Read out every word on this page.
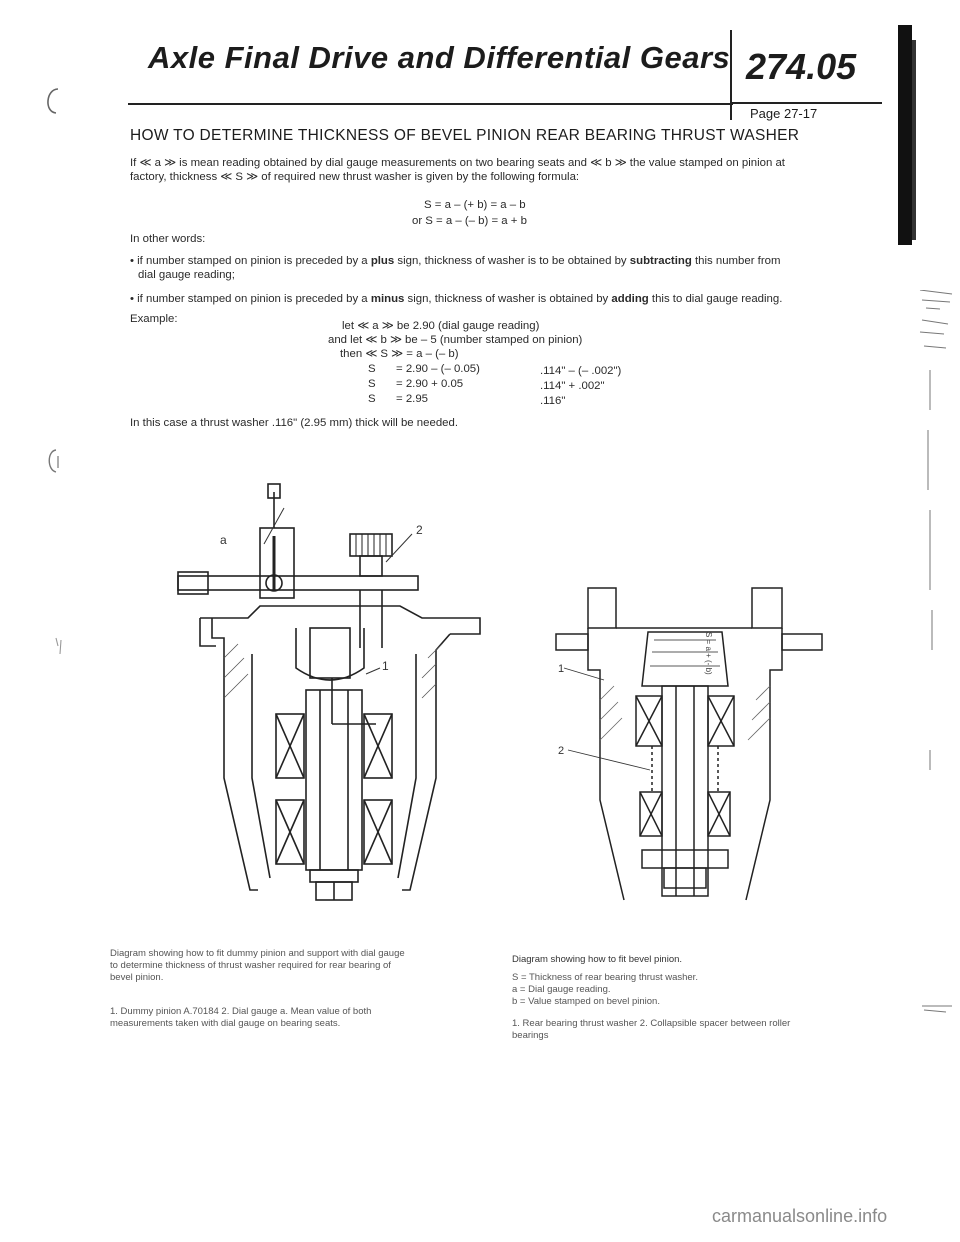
Axle Final Drive and Differential Gears 274.05
Page 27-17
HOW TO DETERMINE THICKNESS OF BEVEL PINION REAR BEARING THRUST WASHER
If ≪ a ≫ is mean reading obtained by dial gauge measurements on two bearing seats and ≪ b ≫ the value stamped on pinion at
factory, thickness ≪ S ≫ of required new thrust washer is given by the following formula:
S = a – (+ b) = a – b
or S = a – (– b) = a + b
In other words:
• if number stamped on pinion is preceded by a plus sign, thickness of washer is to be obtained by subtracting this number from
dial gauge reading;
• if number stamped on pinion is preceded by a minus sign, thickness of washer is obtained by adding this to dial gauge reading.
Example:
let ≪ a ≫ be 2.90 (dial gauge reading)
and let ≪ b ≫ be – 5 (number stamped on pinion)
then ≪ S ≫ = a – (– b)
S = 2.90 – (– 0.05)	.114" – (– .002")
S = 2.90 + 0.05	.114" + .002"
S = 2.95	.116"
In this case a thrust washer .116" (2.95 mm) thick will be needed.
a
2
1	1
2
S = a + (- b)
Diagram showing how to fit dummy pinion and support with dial gauge
to determine thickness of thrust washer required for rear bearing of
bevel pinion.
1. Dummy pinion A.70184 2. Dial gauge a. Mean value of both
measurements taken with dial gauge on bearing seats.
Diagram showing how to fit bevel pinion.
S = Thickness of rear bearing thrust washer.
a = Dial gauge reading.
b = Value stamped on bevel pinion.
1. Rear bearing thrust washer 2. Collapsible spacer between roller
bearings
carmanualsonline.info
